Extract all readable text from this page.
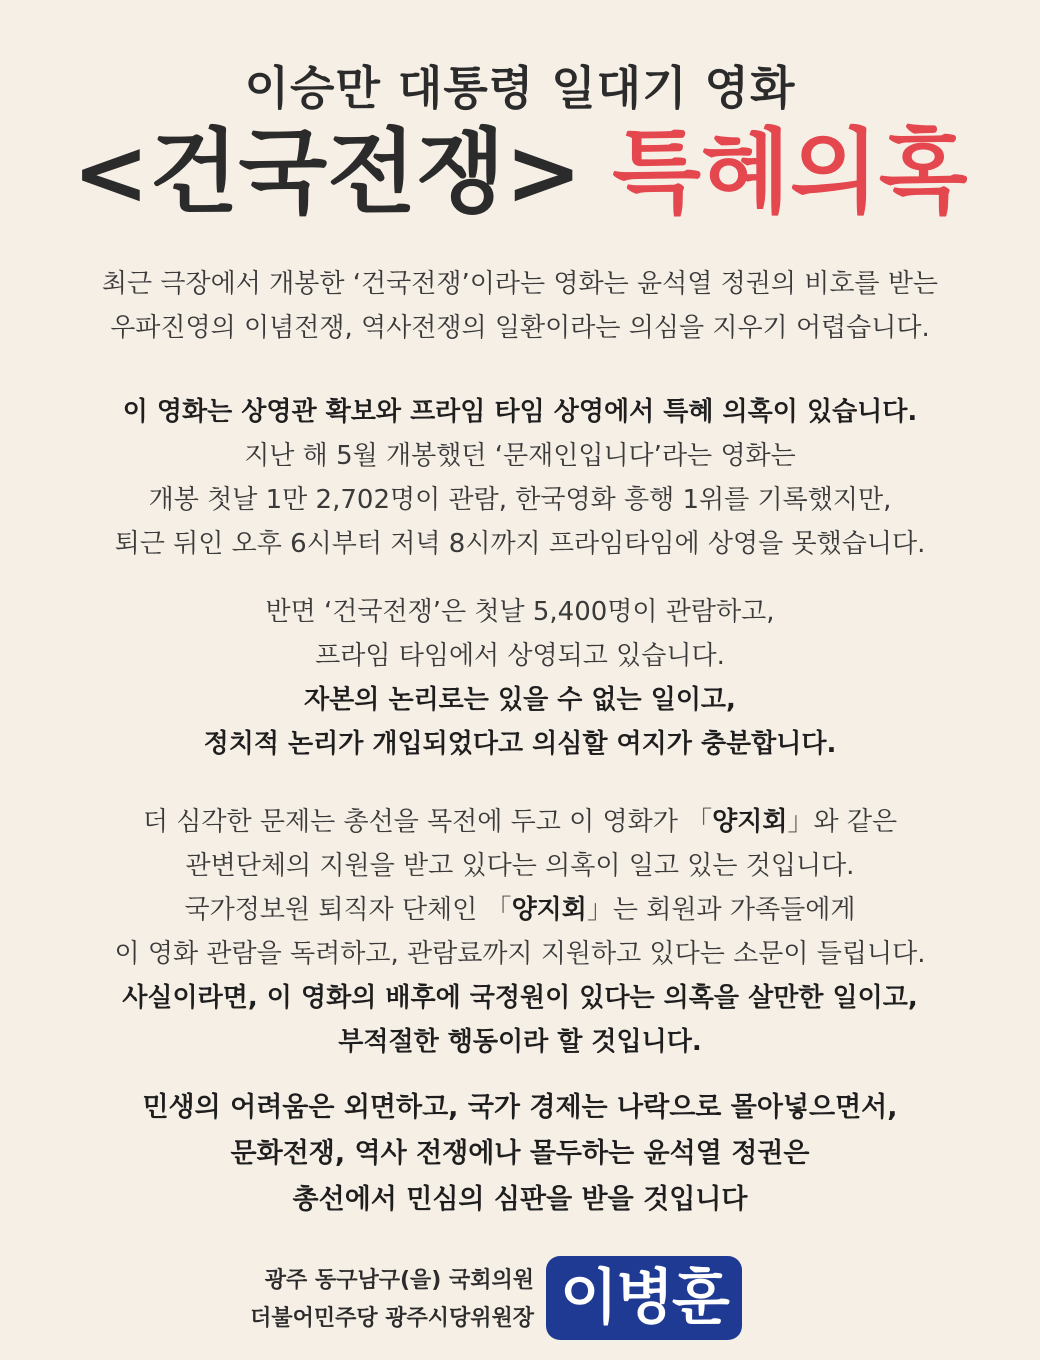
이승만 대통령 일대기 영화
<건국전쟁> 특혜의혹

최근 극장에서 개봉한 ‘건국전쟁’이라는 영화는 윤석열 정권의 비호를 받는

우파진영의 이념전쟁, 역사전쟁의 일환이라는 의심을 지우기 어렵습니다.

이 영화는 상영관 확보와 프라임 타임 상영에서 특혜 의혹이 있습니다.

지난 해 5월 개봉했던 ‘문재인입니다’라는 영화는

개봉 첫날 1만 2,702명이 관람, 한국영화 흥행 1위를 기록했지만,

퇴근 뒤인 오후 6시부터 저녁 8시까지 프라임타임에 상영을 못했습니다.

반면 ‘건국전쟁’은 첫날 5,400명이 관람하고,

프라임 타임에서 상영되고 있습니다.

자본의 논리로는 있을 수 없는 일이고,

정치적 논리가 개입되었다고 의심할 여지가 충분합니다.

더 심각한 문제는 총선을 목전에 두고 이 영화가 「양지회」와 같은

관변단체의 지원을 받고 있다는 의혹이 일고 있는 것입니다.

국가정보원 퇴직자 단체인 「양지회」는 회원과 가족들에게

이 영화 관람을 독려하고, 관람료까지 지원하고 있다는 소문이 들립니다.

사실이라면, 이 영화의 배후에 국정원이 있다는 의혹을 살만한 일이고,

부적절한 행동이라 할 것입니다.

민생의 어려움은 외면하고, 국가 경제는 나락으로 몰아넣으면서,

문화전쟁, 역사 전쟁에나 몰두하는 윤석열 정권은

총선에서 민심의 심판을 받을 것입니다

광주 동구남구(을) 국회의원
더불어민주당 광주시당위원장 이병훈
